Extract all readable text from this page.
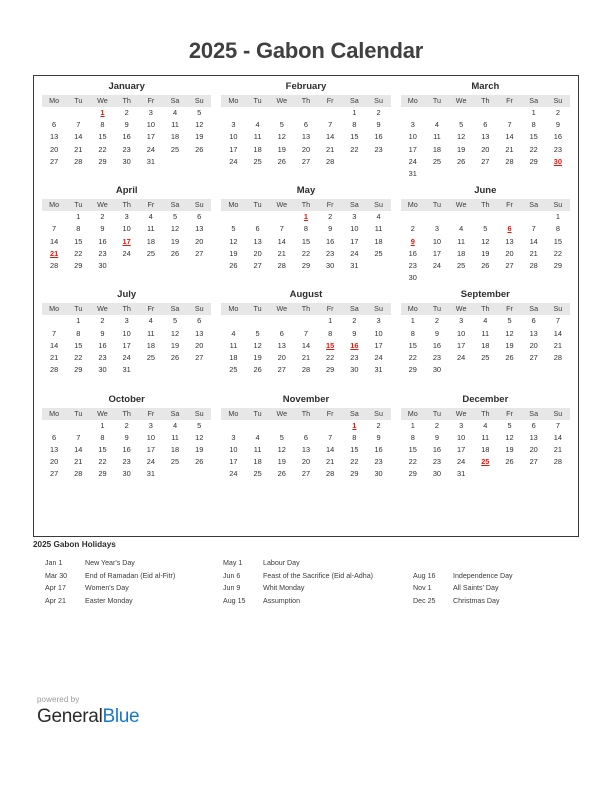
2025 - Gabon Calendar
January
Mo	Tu	We	Th	Fr	Sa	Su
		1	2	3	4	5
6	7	8	9	10	11	12
13	14	15	16	17	18	19
20	21	22	23	24	25	26
27	28	29	30	31		

February
Mo	Tu	We	Th	Fr	Sa	Su
					1	2
3	4	5	6	7	8	9
10	11	12	13	14	15	16
17	18	19	20	21	22	23
24	25	26	27	28		

March
Mo	Tu	We	Th	Fr	Sa	Su
					1	2
3	4	5	6	7	8	9
10	11	12	13	14	15	16
17	18	19	20	21	22	23
24	25	26	27	28	29	30
31						
April
Mo	Tu	We	Th	Fr	Sa	Su
	1	2	3	4	5	6
7	8	9	10	11	12	13
14	15	16	17	18	19	20
21	22	23	24	25	26	27
28	29	30				

May
Mo	Tu	We	Th	Fr	Sa	Su
			1	2	3	4
5	6	7	8	9	10	11
12	13	14	15	16	17	18
19	20	21	22	23	24	25
26	27	28	29	30	31	

June
Mo	Tu	We	Th	Fr	Sa	Su
						1
2	3	4	5	6	7	8
9	10	11	12	13	14	15
16	17	18	19	20	21	22
23	24	25	26	27	28	29
30						
July
Mo	Tu	We	Th	Fr	Sa	Su
	1	2	3	4	5	6
7	8	9	10	11	12	13
14	15	16	17	18	19	20
21	22	23	24	25	26	27
28	29	30	31			

August
Mo	Tu	We	Th	Fr	Sa	Su
				1	2	3
4	5	6	7	8	9	10
11	12	13	14	15	16	17
18	19	20	21	22	23	24
25	26	27	28	29	30	31

September
Mo	Tu	We	Th	Fr	Sa	Su
1	2	3	4	5	6	7
8	9	10	11	12	13	14
15	16	17	18	19	20	21
22	23	24	25	26	27	28
29	30					

October
Mo	Tu	We	Th	Fr	Sa	Su
		1	2	3	4	5
6	7	8	9	10	11	12
13	14	15	16	17	18	19
20	21	22	23	24	25	26
27	28	29	30	31		

November
Mo	Tu	We	Th	Fr	Sa	Su
					1	2
3	4	5	6	7	8	9
10	11	12	13	14	15	16
17	18	19	20	21	22	23
24	25	26	27	28	29	30

December
Mo	Tu	We	Th	Fr	Sa	Su
1	2	3	4	5	6	7
8	9	10	11	12	13	14
15	16	17	18	19	20	21
22	23	24	25	26	27	28
29	30	31				

2025 Gabon Holidays
Jan 1	New Year's Day
Mar 30	End of Ramadan (Eid al-Fitr)
Apr 17	Women's Day
Apr 21	Easter Monday
May 1	Labour Day
Jun 6	Feast of the Sacrifice (Eid al-Adha)
Jun 9	Whit Monday
Aug 15	Assumption
Aug 16	Independence Day
Nov 1	All Saints' Day
Dec 25	Christmas Day
powered by
GeneralBlue
